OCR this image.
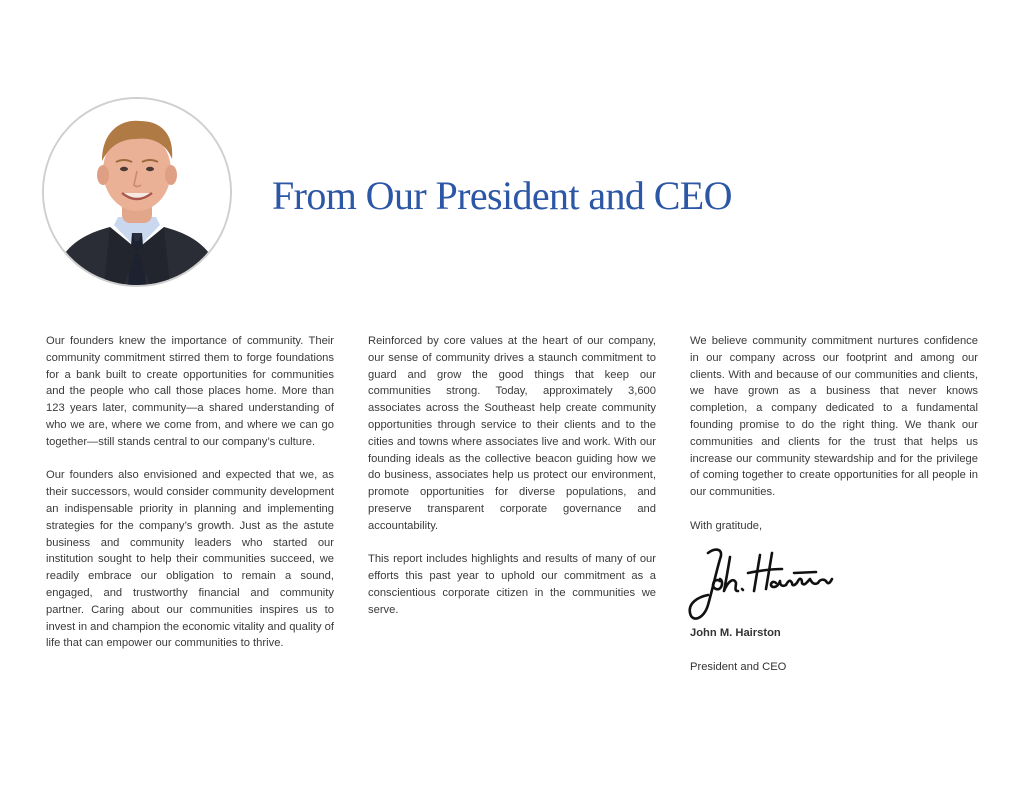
From Our President and CEO

Our founders knew the importance of community. Their community commitment stirred them to forge foundations for a bank built to create opportunities for communities and the people who call those places home. More than 123 years later, community—a shared understanding of who we are, where we come from, and where we can go together—still stands central to our company’s culture.

Our founders also envisioned and expected that we, as their successors, would consider community development an indispensable priority in planning and implementing strategies for the company’s growth. Just as the astute business and community leaders who started our institution sought to help their communities succeed, we readily embrace our obligation to remain a sound, engaged, and trustworthy financial and community partner. Caring about our communities inspires us to invest in and champion the economic vitality and quality of life that can empower our communities to thrive.

Reinforced by core values at the heart of our company, our sense of community drives a staunch commitment to guard and grow the good things that keep our communities strong. Today, approximately 3,600 associates across the Southeast help create community opportunities through service to their clients and to the cities and towns where associates live and work. With our founding ideals as the collective beacon guiding how we do business, associates help us protect our environment, promote opportunities for diverse populations, and preserve transparent corporate governance and accountability.

This report includes highlights and results of many of our efforts this past year to uphold our commitment as a conscientious corporate citizen in the communities we serve.

We believe community commitment nurtures confidence in our company across our footprint and among our clients. With and because of our communities and clients, we have grown as a business that never knows completion, a company dedicated to a fundamental founding promise to do the right thing. We thank our communities and clients for the trust that helps us increase our community stewardship and for the privilege of coming together to create opportunities for all people in our communities.

With gratitude,

John M. Hairston

President and CEO
